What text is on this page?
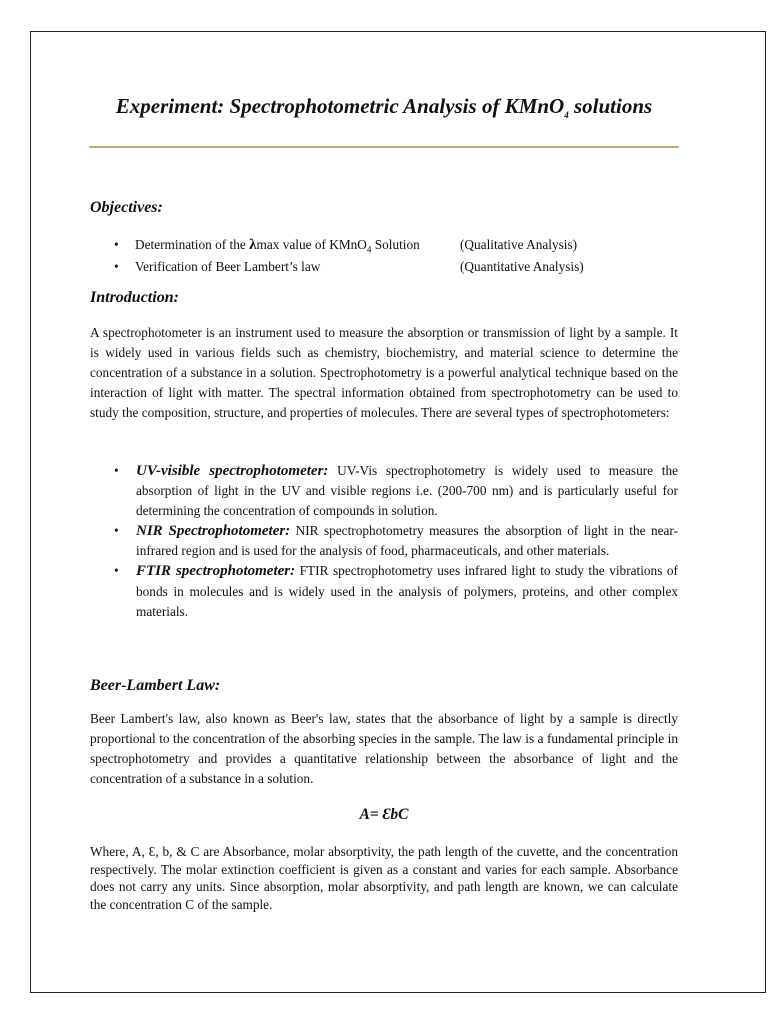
Experiment: Spectrophotometric Analysis of KMnO$_4$ solutions
Objectives:
• Determination of the λmax value of KMnO$_4$ Solution	(Qualitative Analysis)
• Verification of Beer Lambert’s law	(Quantitative Analysis)
Introduction:
A spectrophotometer is an instrument used to measure the absorption or transmission of light by a sample. It is widely used in various fields such as chemistry, biochemistry, and material science to determine the concentration of a substance in a solution. Spectrophotometry is a powerful analytical technique based on the interaction of light with matter. The spectral information obtained from spectrophotometry can be used to study the composition, structure, and properties of molecules. There are several types of spectrophotometers:
• UV-visible spectrophotometer: UV-Vis spectrophotometry is widely used to measure the absorption of light in the UV and visible regions i.e. (200-700 nm) and is particularly useful for determining the concentration of compounds in solution.
• NIR Spectrophotometer: NIR spectrophotometry measures the absorption of light in the near-infrared region and is used for the analysis of food, pharmaceuticals, and other materials.
• FTIR spectrophotometer: FTIR spectrophotometry uses infrared light to study the vibrations of bonds in molecules and is widely used in the analysis of polymers, proteins, and other complex materials.
Beer-Lambert Law:
Beer Lambert's law, also known as Beer's law, states that the absorbance of light by a sample is directly proportional to the concentration of the absorbing species in the sample. The law is a fundamental principle in spectrophotometry and provides a quantitative relationship between the absorbance of light and the concentration of a substance in a solution.
A= ƐbC
Where, A, Ɛ, b, & C are Absorbance, molar absorptivity, the path length of the cuvette, and the concentration respectively. The molar extinction coefficient is given as a constant and varies for each sample. Absorbance does not carry any units. Since absorption, molar absorptivity, and path length are known, we can calculate the concentration C of the sample.
